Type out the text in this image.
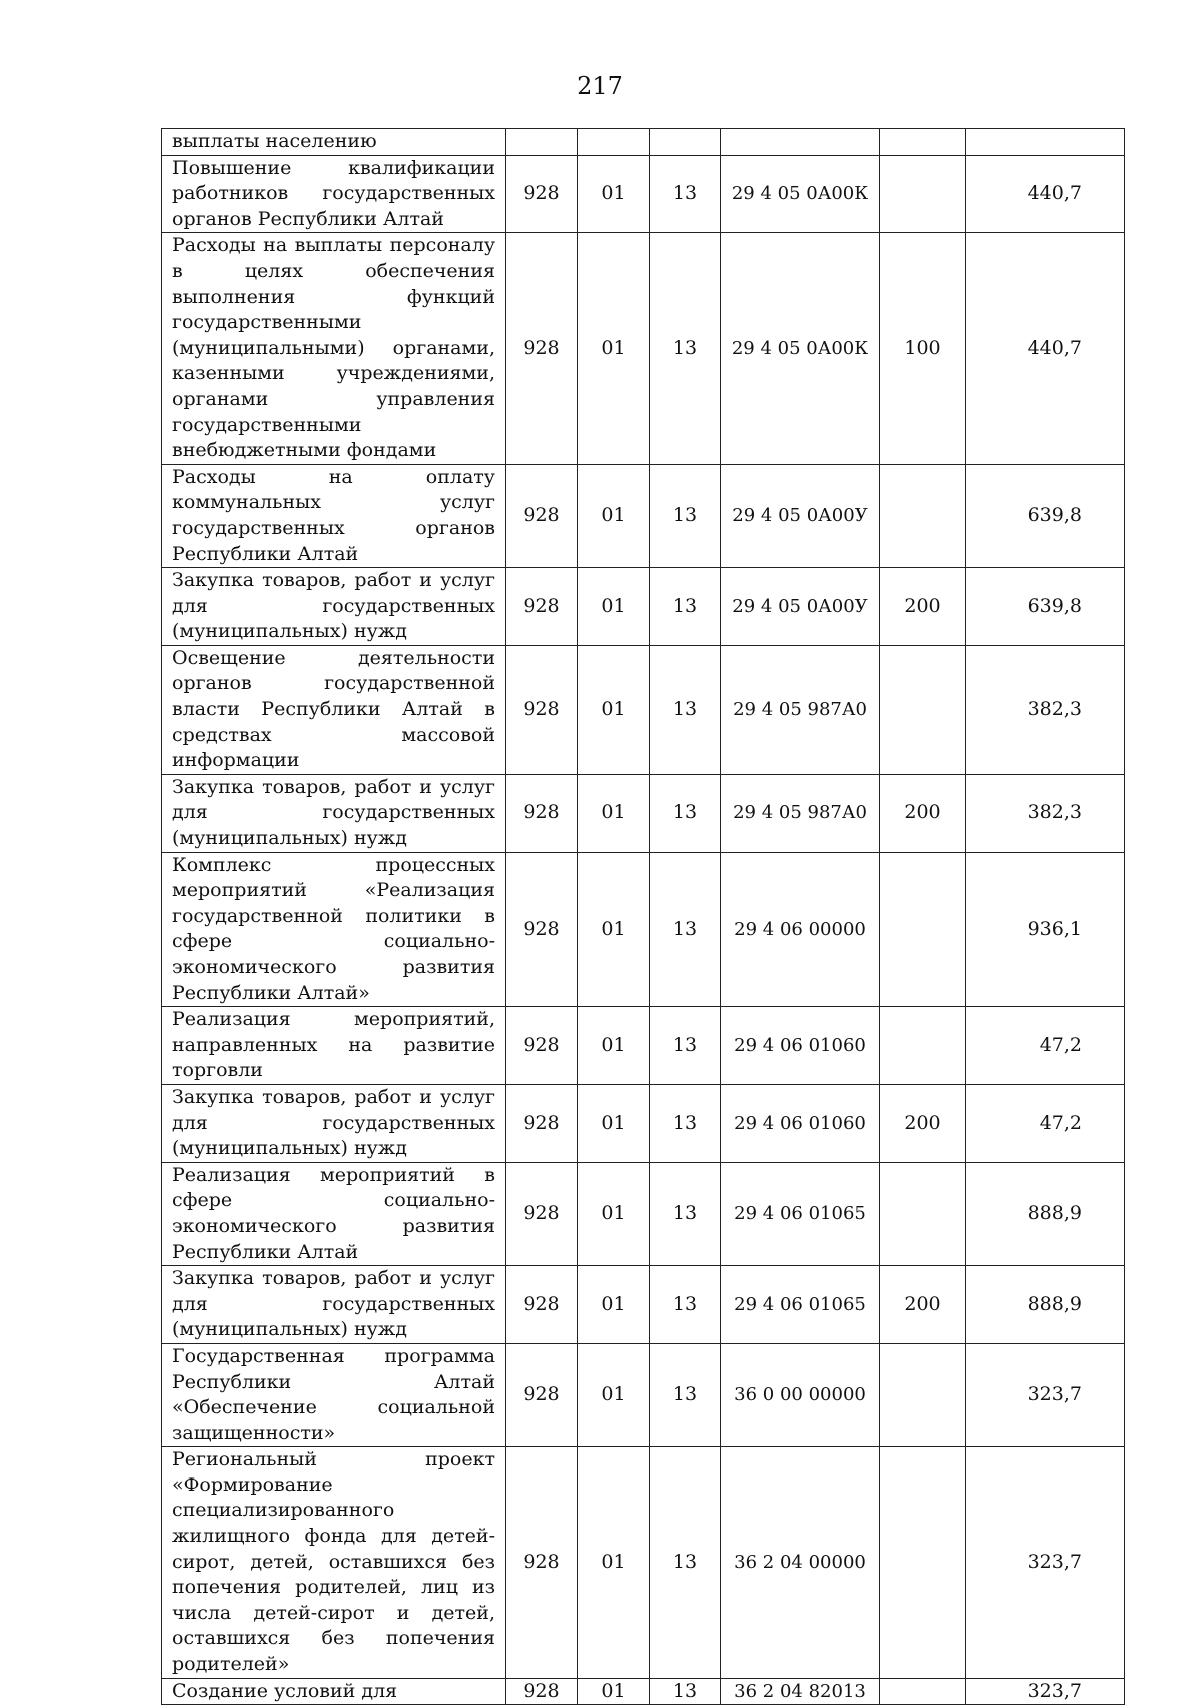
217
выплаты населению						
Повышение квалификации работников государственных органов Республики Алтай	928	01	13	29 4 05 0А00К		440,7
Расходы на выплаты персоналу в целях обеспечения выполнения функций государственными (муниципальными) органами, казенными учреждениями, органами управления государственными внебюджетными фондами	928	01	13	29 4 05 0А00К	100	440,7
Расходы на оплату коммунальных услуг государственных органов Республики Алтай	928	01	13	29 4 05 0А00У		639,8
Закупка товаров, работ и услуг для государственных (муниципальных) нужд	928	01	13	29 4 05 0А00У	200	639,8
Освещение деятельности органов государственной власти Республики Алтай в средствах массовой информации	928	01	13	29 4 05 987А0		382,3
Закупка товаров, работ и услуг для государственных (муниципальных) нужд	928	01	13	29 4 05 987А0	200	382,3
Комплекс процессных мероприятий «Реализация государственной политики в сфере социально-экономического развития Республики Алтай»	928	01	13	29 4 06 00000		936,1
Реализация мероприятий, направленных на развитие торговли	928	01	13	29 4 06 01060		47,2
Закупка товаров, работ и услуг для государственных (муниципальных) нужд	928	01	13	29 4 06 01060	200	47,2
Реализация мероприятий в сфере социально-экономического развития Республики Алтай	928	01	13	29 4 06 01065		888,9
Закупка товаров, работ и услуг для государственных (муниципальных) нужд	928	01	13	29 4 06 01065	200	888,9
Государственная программа Республики Алтай «Обеспечение социальной защищенности»	928	01	13	36 0 00 00000		323,7
Региональный проект «Формирование специализированного жилищного фонда для детей-сирот, детей, оставшихся без попечения родителей, лиц из числа детей-сирот и детей, оставшихся без попечения родителей»	928	01	13	36 2 04 00000		323,7
Создание условий для	928	01	13	36 2 04 82013		323,7
